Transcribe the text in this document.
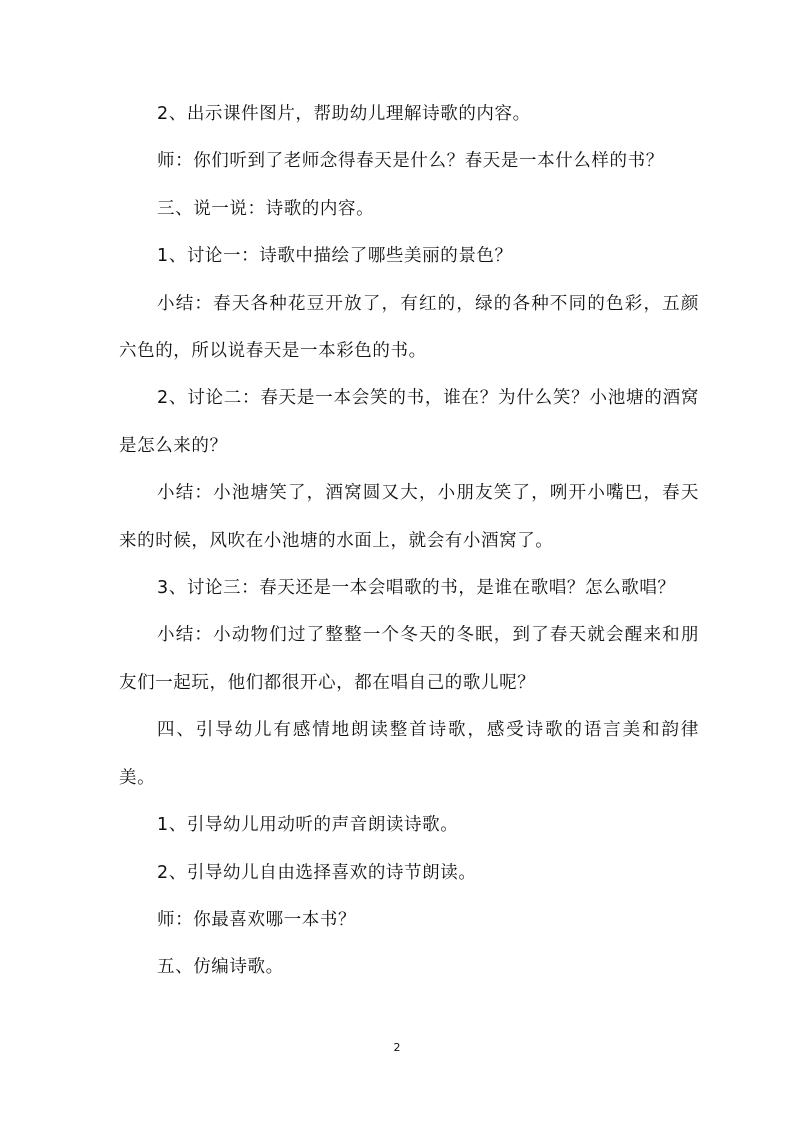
2、出示课件图片，帮助幼儿理解诗歌的内容。

师：你们听到了老师念得春天是什么？春天是一本什么样的书？

三、说一说：诗歌的内容。

1、讨论一：诗歌中描绘了哪些美丽的景色？

小结：春天各种花豆开放了，有红的，绿的各种不同的色彩，五颜六色的，所以说春天是一本彩色的书。

2、讨论二：春天是一本会笑的书，谁在？为什么笑？小池塘的酒窝是怎么来的？

小结：小池塘笑了，酒窝圆又大，小朋友笑了，咧开小嘴巴，春天来的时候，风吹在小池塘的水面上，就会有小酒窝了。

3、讨论三：春天还是一本会唱歌的书，是谁在歌唱？怎么歌唱？

小结：小动物们过了整整一个冬天的冬眠，到了春天就会醒来和朋友们一起玩，他们都很开心，都在唱自己的歌儿呢？

四、引导幼儿有感情地朗读整首诗歌，感受诗歌的语言美和韵律美。

1、引导幼儿用动听的声音朗读诗歌。

2、引导幼儿自由选择喜欢的诗节朗读。

师：你最喜欢哪一本书？

五、仿编诗歌。

2
